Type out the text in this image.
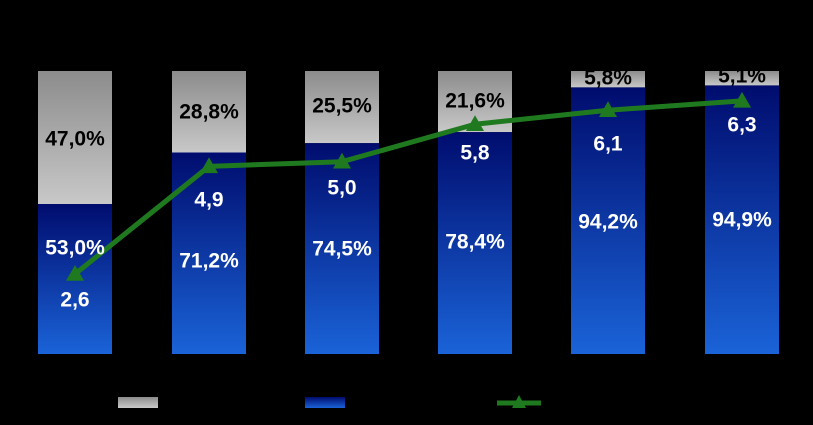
53,0%
47,0%
2,6
71,2%
28,8%
4,9
74,5%
25,5%
5,0
78,4%
21,6%
5,8
94,2%
5,8%
6,1
94,9%
5,1%
6,3
